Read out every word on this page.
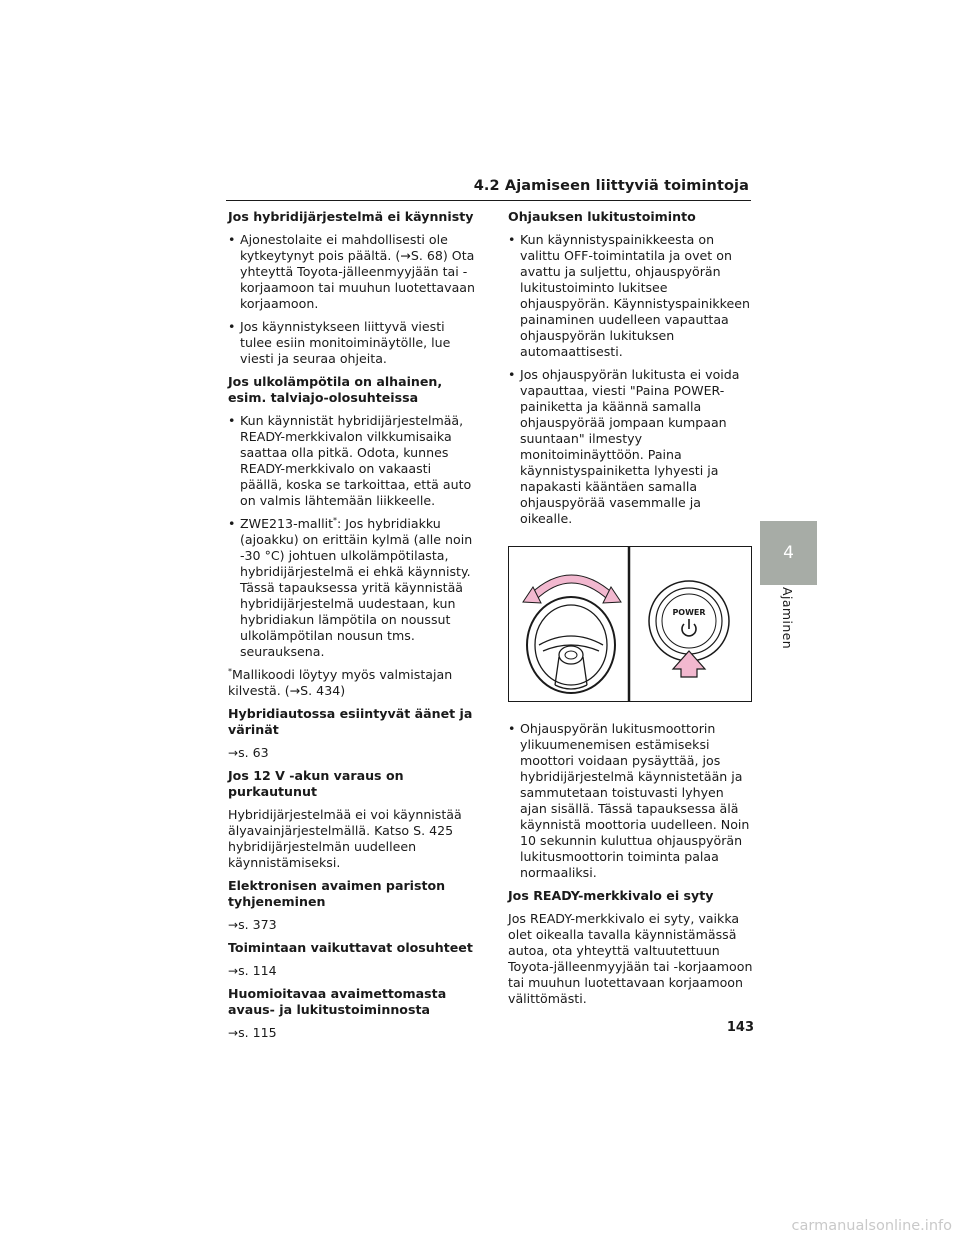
4.2 Ajamiseen liittyviä toimintoja
Jos hybridijärjestelmä ei käynnisty
• Ajonestolaite ei mahdollisesti ole kytkeytynyt pois päältä. (→S. 68) Ota yhteyttä Toyota-jälleenmyyjään tai -korjaamoon tai muuhun luotettavaan korjaamoon.
• Jos käynnistykseen liittyvä viesti tulee esiin monitoiminäytölle, lue viesti ja seuraa ohjeita.
Jos ulkolämpötila on alhainen, esim. talviajo-olosuhteissa
• Kun käynnistät hybridijärjestelmää, READY-merkkivalon vilkkumisaika saattaa olla pitkä. Odota, kunnes READY-merkkivalo on vakaasti päällä, koska se tarkoittaa, että auto on valmis lähtemään liikkeelle.
• ZWE213-mallit*: Jos hybridiakku (ajoakku) on erittäin kylmä (alle noin -30 °C) johtuen ulkolämpötilasta, hybridijärjestelmä ei ehkä käynnisty. Tässä tapauksessa yritä käynnistää hybridijärjestelmä uudestaan, kun hybridiakun lämpötila on noussut ulkolämpötilan nousun tms. seurauksena.
*Mallikoodi löytyy myös valmistajan kilvestä. (→S. 434)
Hybridiautossa esiintyvät äänet ja värinät
→s. 63
Jos 12 V -akun varaus on purkautunut
Hybridijärjestelmää ei voi käynnistää älyavainjärjestelmällä. Katso S. 425 hybridijärjestelmän uudelleen käynnistämiseksi.
Elektronisen avaimen pariston tyhjeneminen
→s. 373
Toimintaan vaikuttavat olosuhteet
→s. 114
Huomioitavaa avaimettomasta avaus- ja lukitustoiminnosta
→s. 115
Ohjauksen lukitustoiminto
• Kun käynnistyspainikkeesta on valittu OFF-toimintatila ja ovet on avattu ja suljettu, ohjauspyörän lukitustoiminto lukitsee ohjauspyörän. Käynnistyspainikkeen painaminen uudelleen vapauttaa ohjauspyörän lukituksen automaattisesti.
• Jos ohjauspyörän lukitusta ei voida vapauttaa, viesti "Paina POWER-painiketta ja käännä samalla ohjauspyörää jompaan kumpaan suuntaan" ilmestyy monitoiminäyttöön. Paina käynnistyspainiketta lyhyesti ja napakasti kääntäen samalla ohjauspyörää vasemmalle ja oikealle.
POWER
• Ohjauspyörän lukitusmoottorin ylikuumenemisen estämiseksi moottori voidaan pysäyttää, jos hybridijärjestelmä käynnistetään ja sammutetaan toistuvasti lyhyen ajan sisällä. Tässä tapauksessa älä käynnistä moottoria uudelleen. Noin 10 sekunnin kuluttua ohjauspyörän lukitusmoottorin toiminta palaa normaaliksi.
Jos READY-merkkivalo ei syty
Jos READY-merkkivalo ei syty, vaikka olet oikealla tavalla käynnistämässä autoa, ota yhteyttä valtuutettuun Toyota-jälleenmyyjään tai -korjaamoon tai muuhun luotettavaan korjaamoon välittömästi.
4
Ajaminen
143
carmanualsonline.info
